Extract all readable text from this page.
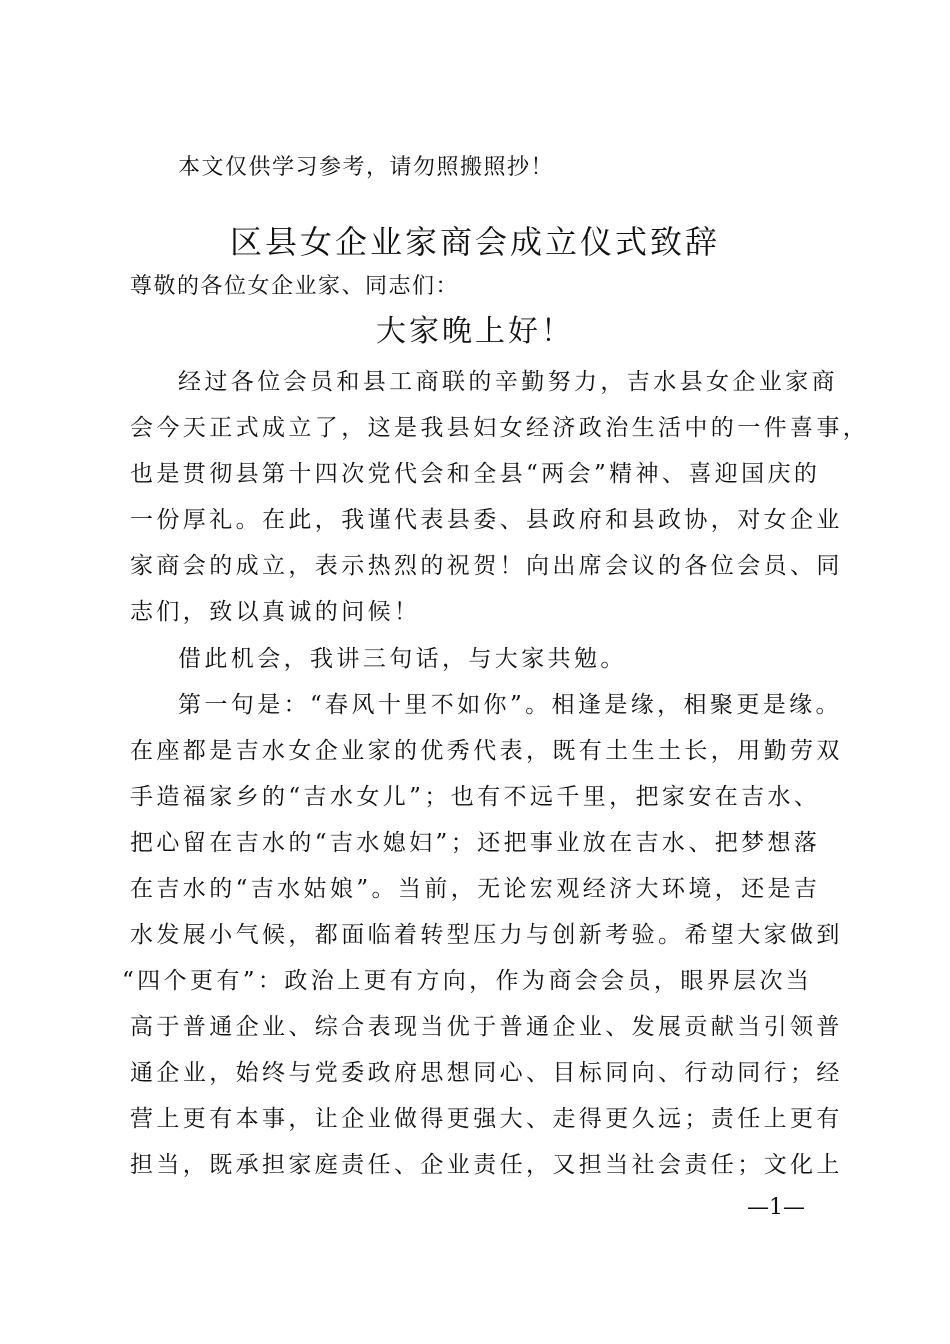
本文仅供学习参考，请勿照搬照抄！
区县女企业家商会成立仪式致辞
尊敬的各位女企业家、同志们：
大家晚上好！
经过各位会员和县工商联的辛勤努力，吉水县女企业家商
会今天正式成立了，这是我县妇女经济政治生活中的一件喜事，
也是贯彻县第十四次党代会和全县“两会”精神、喜迎国庆的
一份厚礼。在此，我谨代表县委、县政府和县政协，对女企业
家商会的成立，表示热烈的祝贺！向出席会议的各位会员、同
志们，致以真诚的问候！
借此机会，我讲三句话，与大家共勉。
第一句是：“春风十里不如你”。相逢是缘，相聚更是缘。
在座都是吉水女企业家的优秀代表，既有土生土长，用勤劳双
手造福家乡的“吉水女儿”；也有不远千里，把家安在吉水、
把心留在吉水的“吉水媳妇”；还把事业放在吉水、把梦想落
在吉水的“吉水姑娘”。当前，无论宏观经济大环境，还是吉
水发展小气候，都面临着转型压力与创新考验。希望大家做到
“四个更有”：政治上更有方向，作为商会会员，眼界层次当
高于普通企业、综合表现当优于普通企业、发展贡献当引领普
通企业，始终与党委政府思想同心、目标同向、行动同行；经
营上更有本事，让企业做得更强大、走得更久远；责任上更有
担当，既承担家庭责任、企业责任，又担当社会责任；文化上
—1—
